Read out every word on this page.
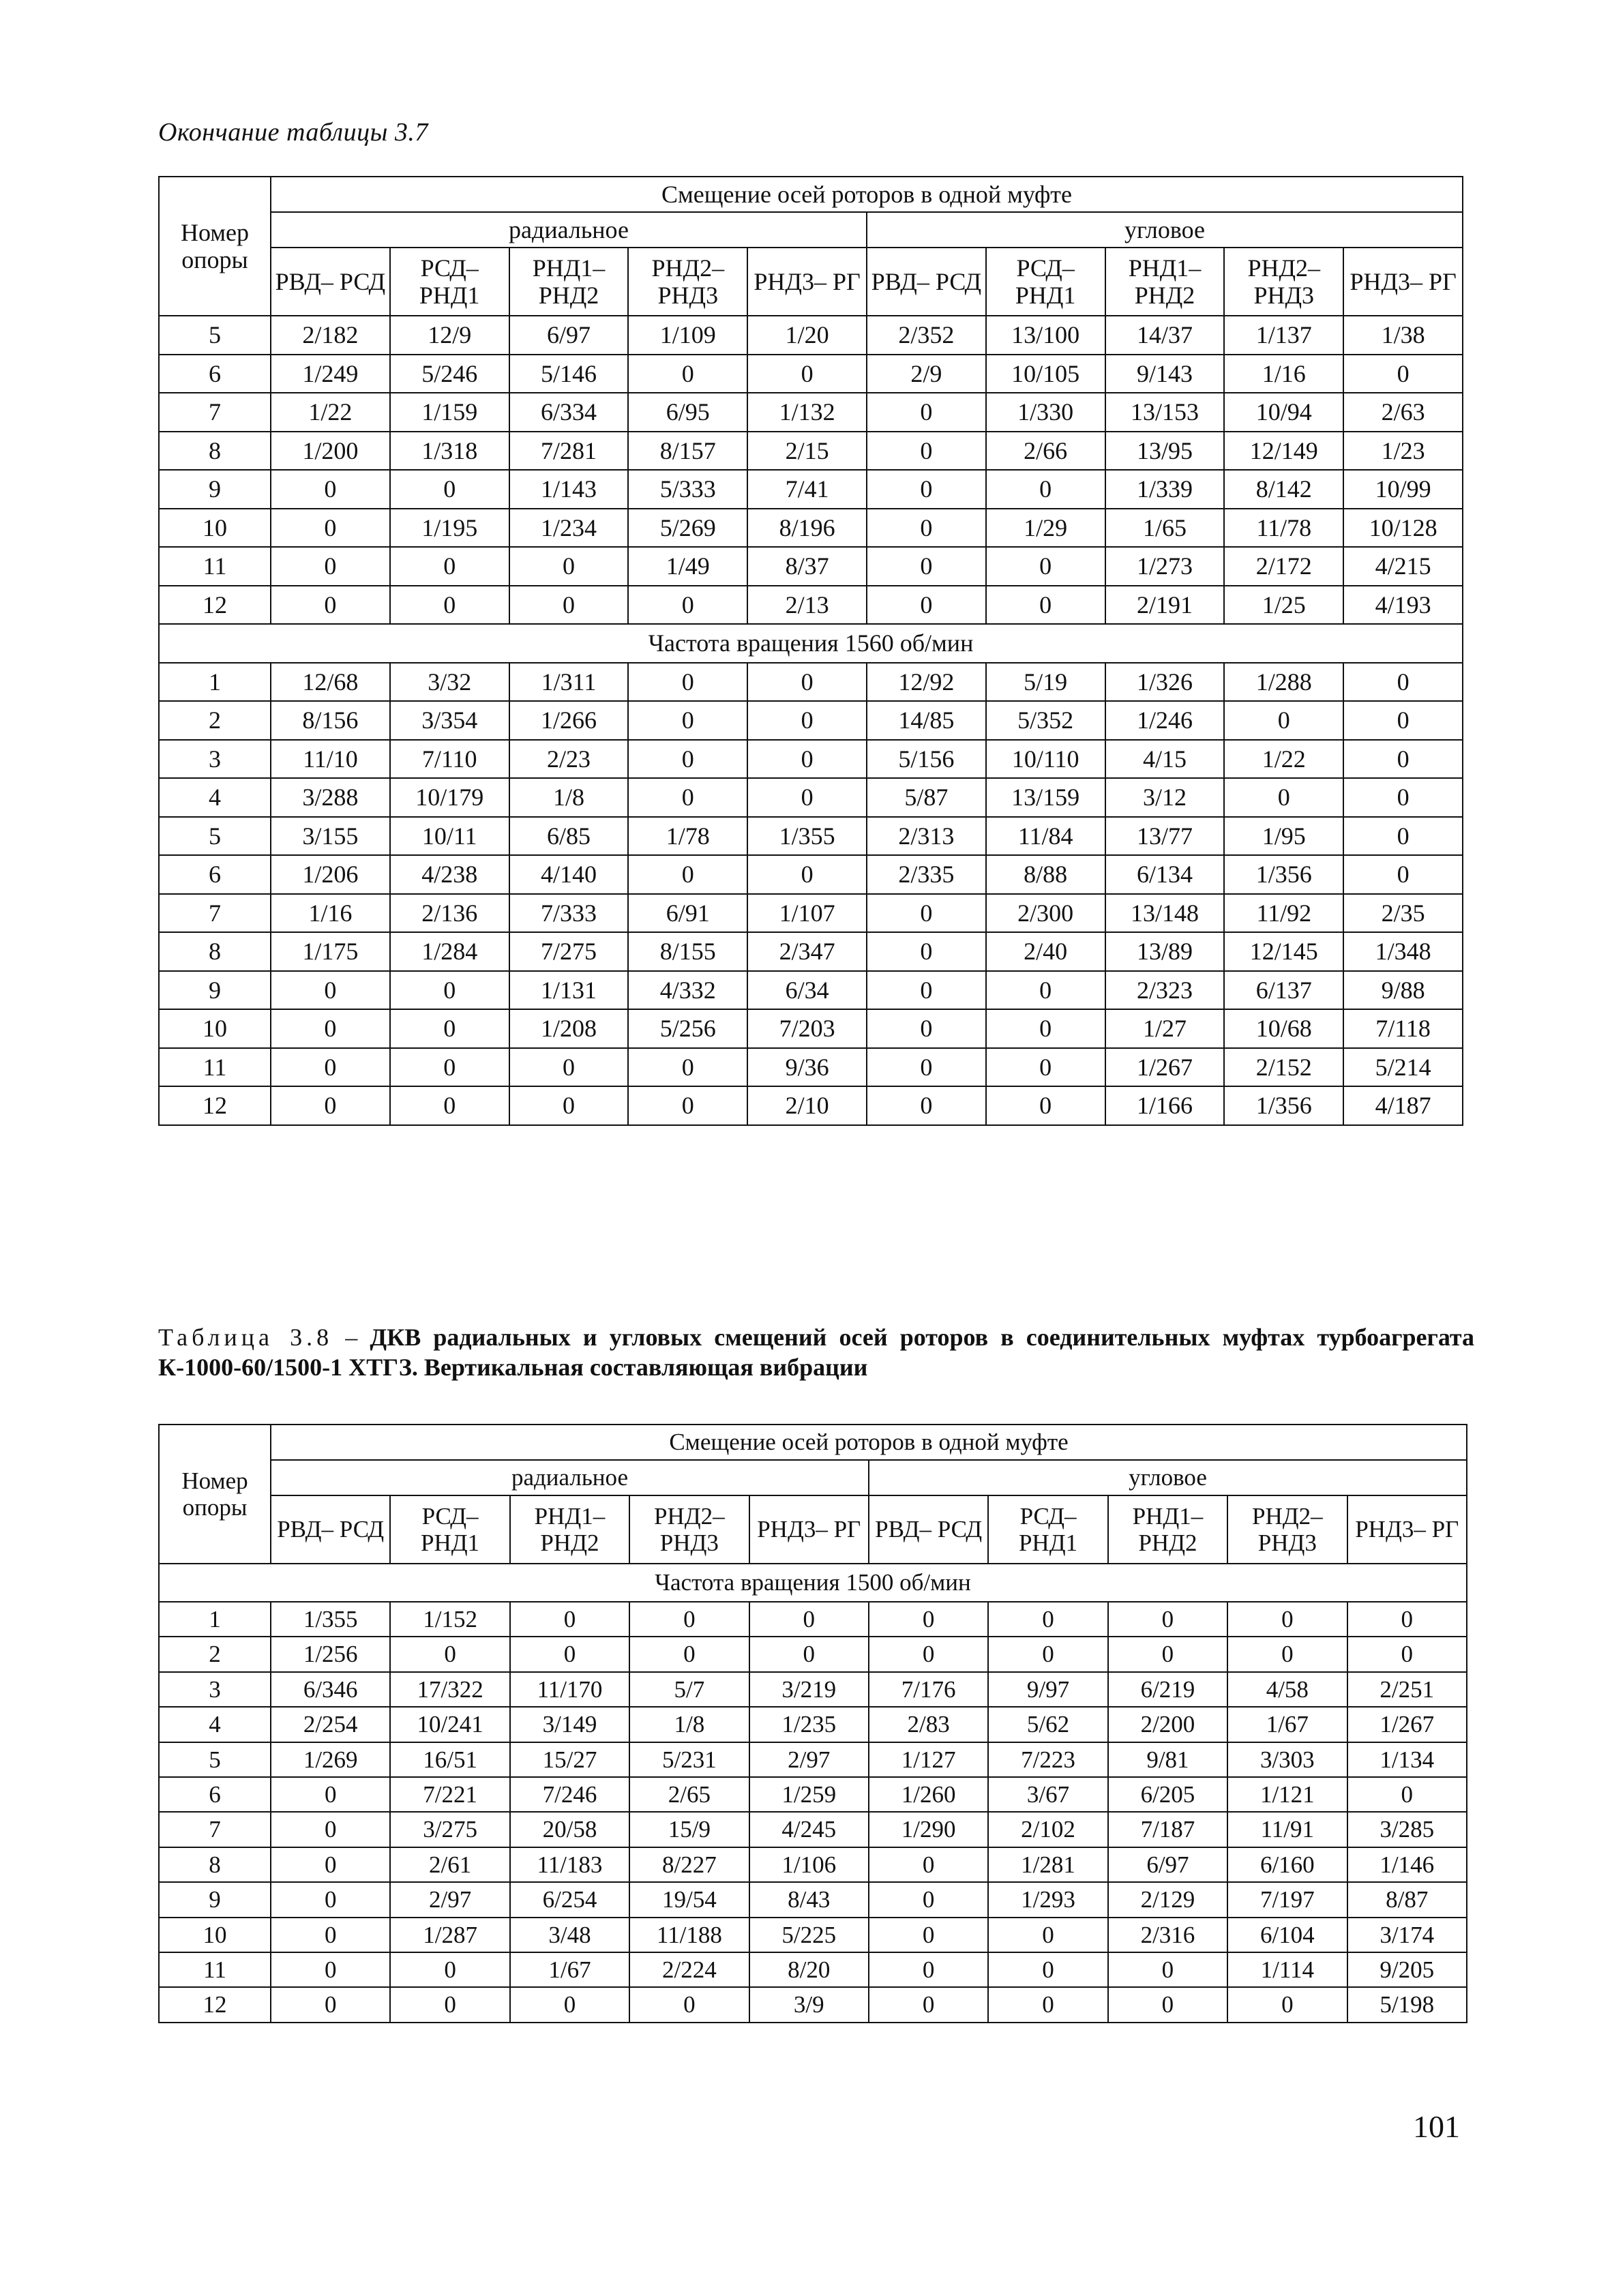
Окончание таблицы 3.7
Номер опоры	Смещение осей роторов в одной муфте									
	радиальное					угловое				
	РВД– РСД	РСД– РНД1	РНД1– РНД2	РНД2– РНД3	РНД3– РГ	РВД– РСД	РСД– РНД1	РНД1– РНД2	РНД2– РНД3	РНД3– РГ
5	2/182	12/9	6/97	1/109	1/20	2/352	13/100	14/37	1/137	1/38
6	1/249	5/246	5/146	0	0	2/9	10/105	9/143	1/16	0
7	1/22	1/159	6/334	6/95	1/132	0	1/330	13/153	10/94	2/63
8	1/200	1/318	7/281	8/157	2/15	0	2/66	13/95	12/149	1/23
9	0	0	1/143	5/333	7/41	0	0	1/339	8/142	10/99
10	0	1/195	1/234	5/269	8/196	0	1/29	1/65	11/78	10/128
11	0	0	0	1/49	8/37	0	0	1/273	2/172	4/215
12	0	0	0	0	2/13	0	0	2/191	1/25	4/193
Частота вращения 1560 об/мин										
1	12/68	3/32	1/311	0	0	12/92	5/19	1/326	1/288	0
2	8/156	3/354	1/266	0	0	14/85	5/352	1/246	0	0
3	11/10	7/110	2/23	0	0	5/156	10/110	4/15	1/22	0
4	3/288	10/179	1/8	0	0	5/87	13/159	3/12	0	0
5	3/155	10/11	6/85	1/78	1/355	2/313	11/84	13/77	1/95	0
6	1/206	4/238	4/140	0	0	2/335	8/88	6/134	1/356	0
7	1/16	2/136	7/333	6/91	1/107	0	2/300	13/148	11/92	2/35
8	1/175	1/284	7/275	8/155	2/347	0	2/40	13/89	12/145	1/348
9	0	0	1/131	4/332	6/34	0	0	2/323	6/137	9/88
10	0	0	1/208	5/256	7/203	0	0	1/27	10/68	7/118
11	0	0	0	0	9/36	0	0	1/267	2/152	5/214
12	0	0	0	0	2/10	0	0	1/166	1/356	4/187
Таблица 3.8 – ДКВ радиальных и угловых смещений осей роторов в соединительных муфтах турбоагрегата К-1000-60/1500-1 ХТГЗ. Вертикальная составляющая вибрации
Номер опоры	Смещение осей роторов в одной муфте									
	радиальное					угловое				
	РВД– РСД	РСД– РНД1	РНД1– РНД2	РНД2– РНД3	РНД3– РГ	РВД– РСД	РСД– РНД1	РНД1– РНД2	РНД2– РНД3	РНД3– РГ
Частота вращения 1500 об/мин										
1	1/355	1/152	0	0	0	0	0	0	0	0
2	1/256	0	0	0	0	0	0	0	0	0
3	6/346	17/322	11/170	5/7	3/219	7/176	9/97	6/219	4/58	2/251
4	2/254	10/241	3/149	1/8	1/235	2/83	5/62	2/200	1/67	1/267
5	1/269	16/51	15/27	5/231	2/97	1/127	7/223	9/81	3/303	1/134
6	0	7/221	7/246	2/65	1/259	1/260	3/67	6/205	1/121	0
7	0	3/275	20/58	15/9	4/245	1/290	2/102	7/187	11/91	3/285
8	0	2/61	11/183	8/227	1/106	0	1/281	6/97	6/160	1/146
9	0	2/97	6/254	19/54	8/43	0	1/293	2/129	7/197	8/87
10	0	1/287	3/48	11/188	5/225	0	0	2/316	6/104	3/174
11	0	0	1/67	2/224	8/20	0	0	0	1/114	9/205
12	0	0	0	0	3/9	0	0	0	0	5/198
101
